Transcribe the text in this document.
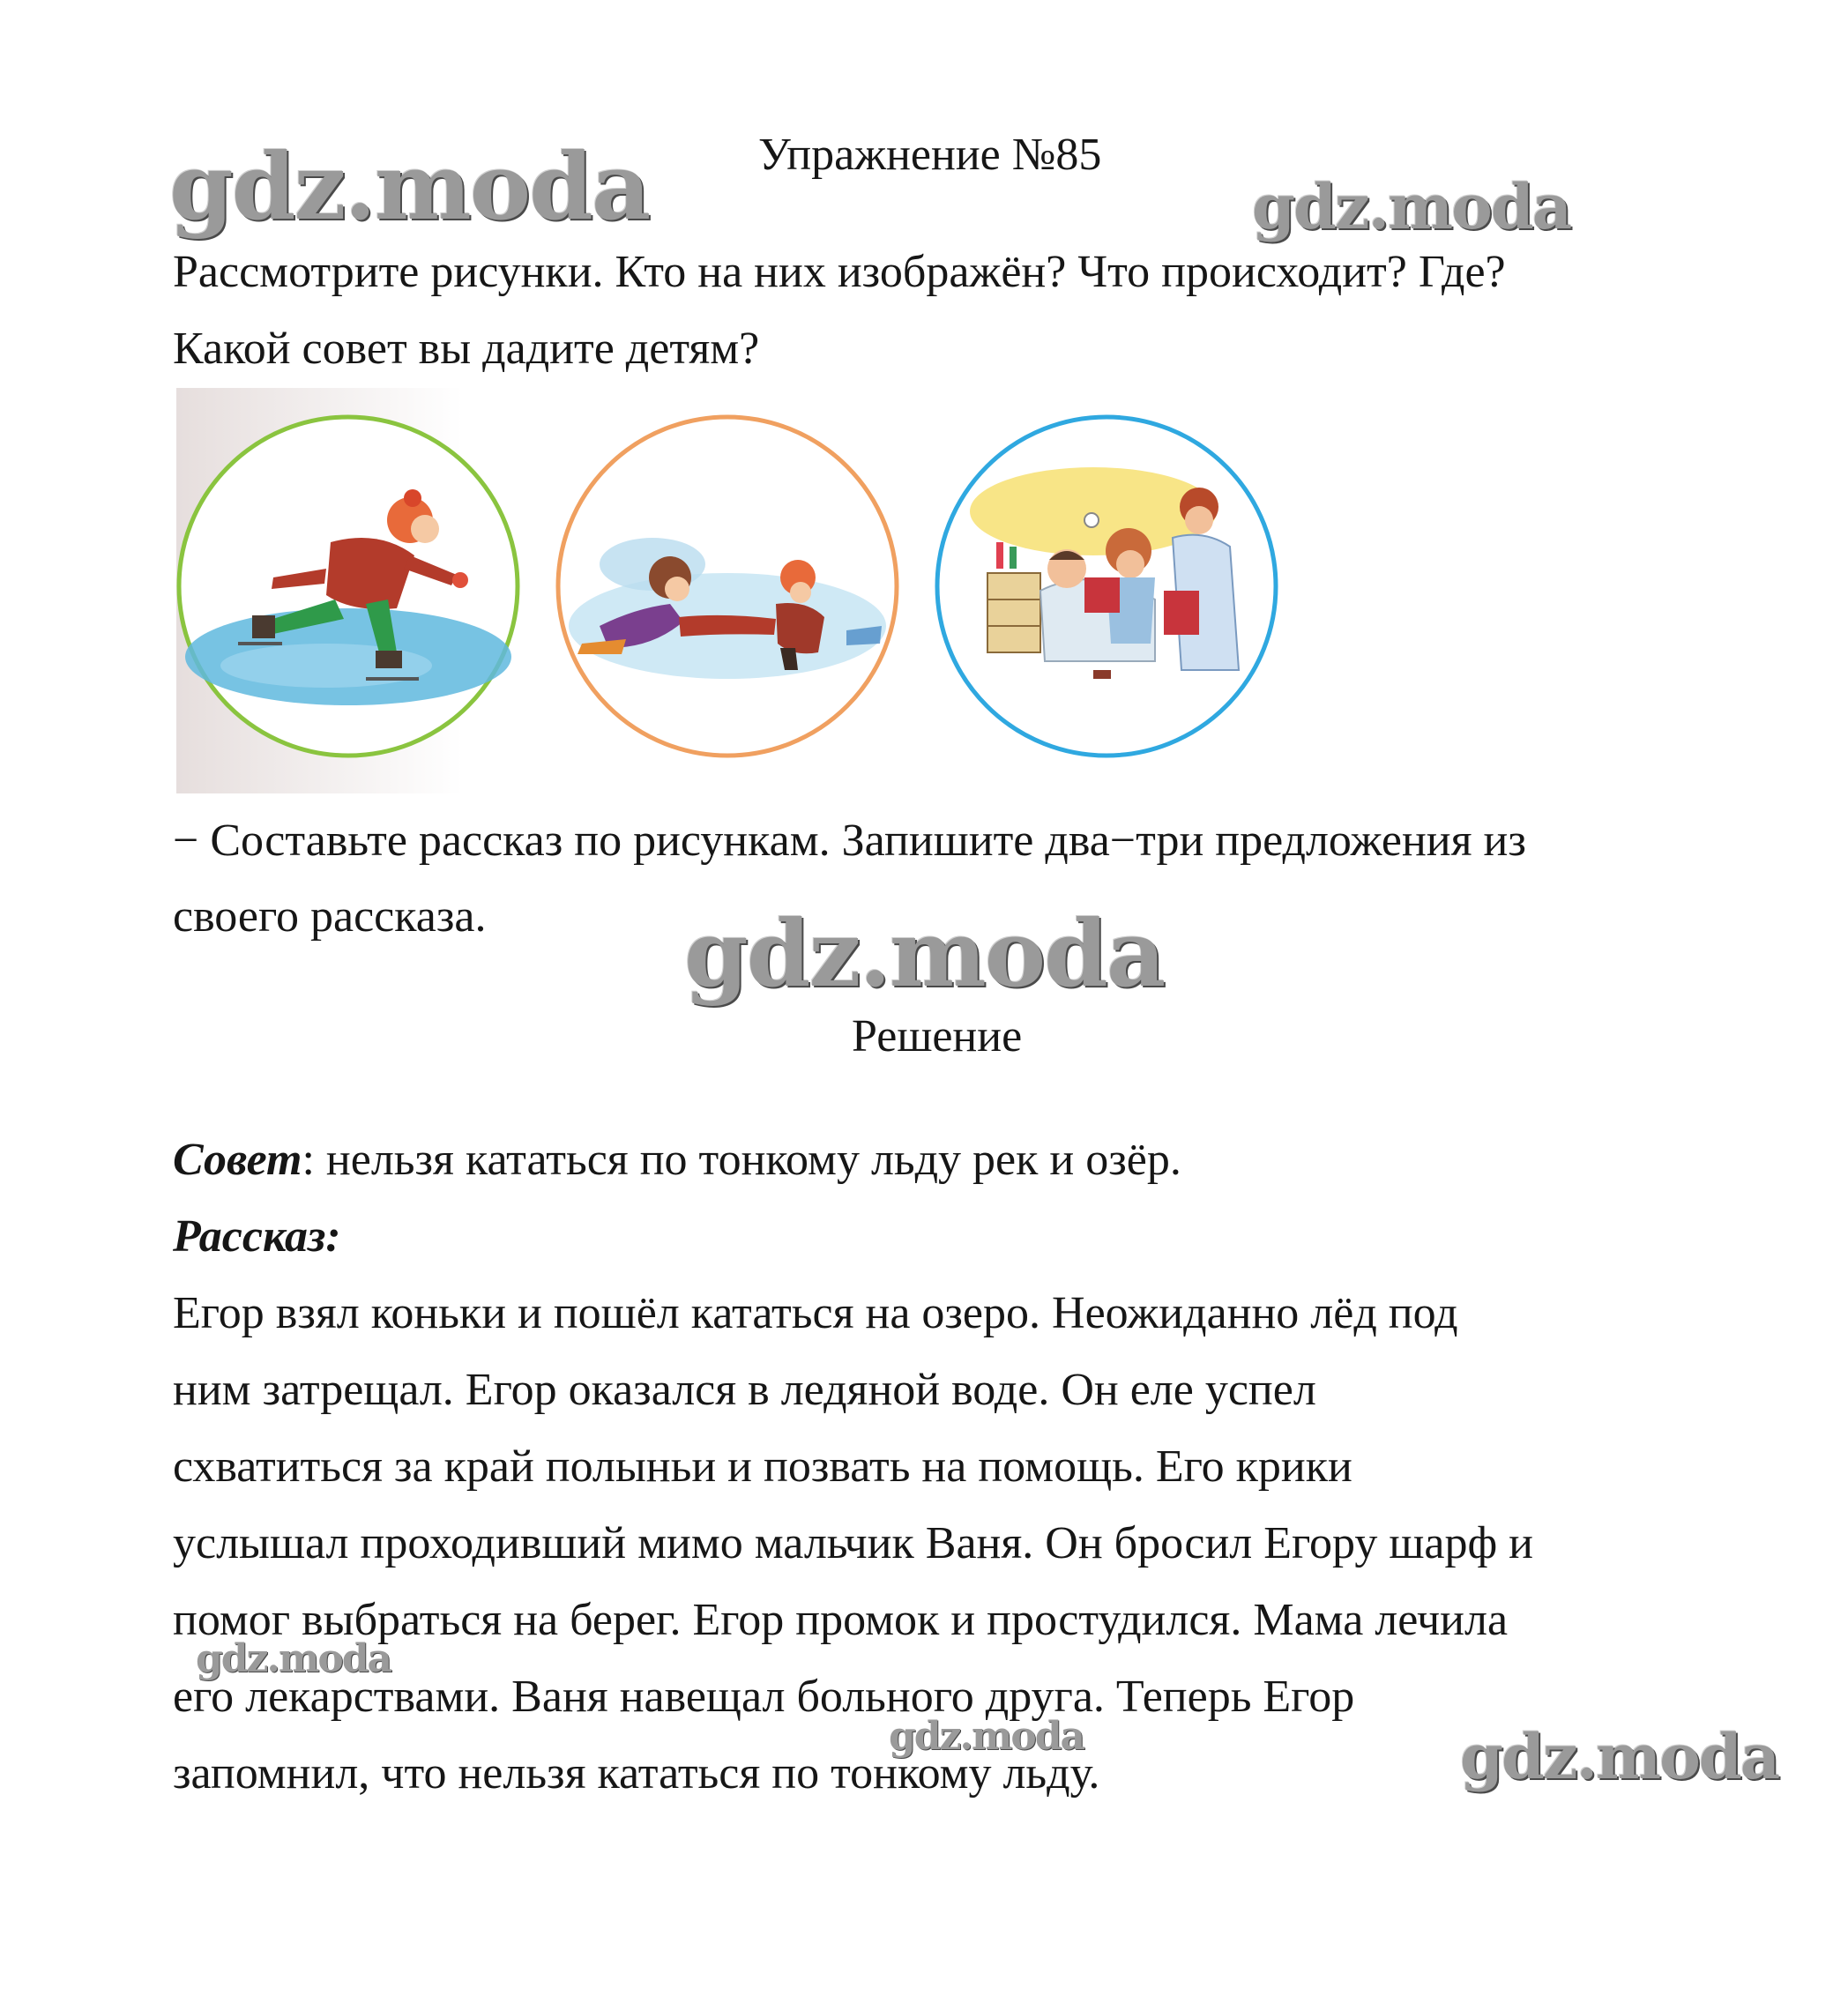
gdz.moda	gdz.moda
gdz.moda
gdz.moda
gdz.moda	gdz.moda
Упражнение №85
Рассмотрите рисунки. Кто на них изображён? Что происходит? Где?
Какой совет вы дадите детям?
− Составьте рассказ по рисункам. Запишите два−три предложения из
своего рассказа.
Решение
Совет: нельзя кататься по тонкому льду рек и озёр.
Рассказ:
Егор взял коньки и пошёл кататься на озеро. Неожиданно лёд под
ним затрещал. Егор оказался в ледяной воде. Он еле успел
схватиться за край полыньи и позвать на помощь. Его крики
услышал проходивший мимо мальчик Ваня. Он бросил Егору шарф и
помог выбраться на берег. Егор промок и простудился. Мама лечила
его лекарствами. Ваня навещал больного друга. Теперь Егор
запомнил, что нельзя кататься по тонкому льду.
